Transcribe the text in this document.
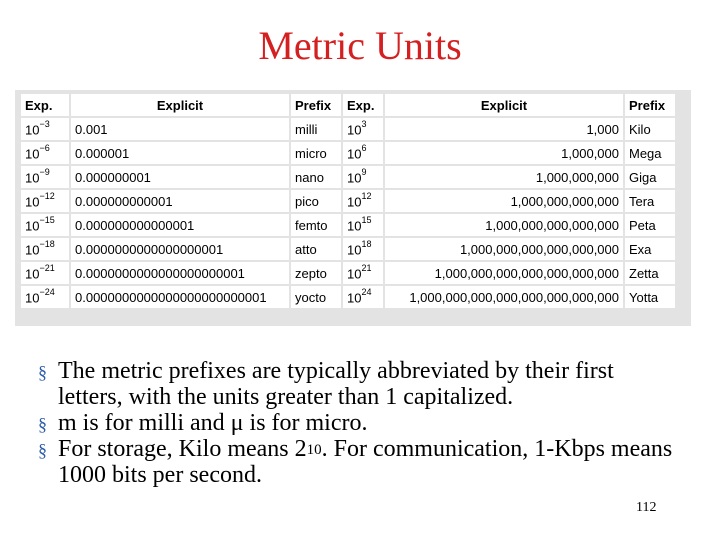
Metric Units
Exp.	Explicit	Prefix	Exp.	Explicit	Prefix
$10^{-3}$	0.001	milli	$10^3$	1,000	Kilo
$10^{-6}$	0.000001	micro	$10^6$	1,000,000	Mega
$10^{-9}$	0.000000001	nano	$10^9$	1,000,000,000	Giga
$10^{-12}$	0.000000000001	pico	$10^{12}$	1,000,000,000,000	Tera
$10^{-15}$	0.000000000000001	femto	$10^{15}$	1,000,000,000,000,000	Peta
$10^{-18}$	0.0000000000000000001	atto	$10^{18}$	1,000,000,000,000,000,000	Exa
$10^{-21}$	0.0000000000000000000001	zepto	$10^{21}$	1,000,000,000,000,000,000,000	Zetta
$10^{-24}$	0.0000000000000000000000001	yocto	$10^{24}$	1,000,000,000,000,000,000,000,000	Yotta
§ The metric prefixes are typically abbreviated by their first letters, with the units greater than 1 capitalized.
§ m is for milli and μ is for micro.
§ For storage, Kilo means $2^{10}$. For communication, 1-Kbps means 1000 bits per second.
112
